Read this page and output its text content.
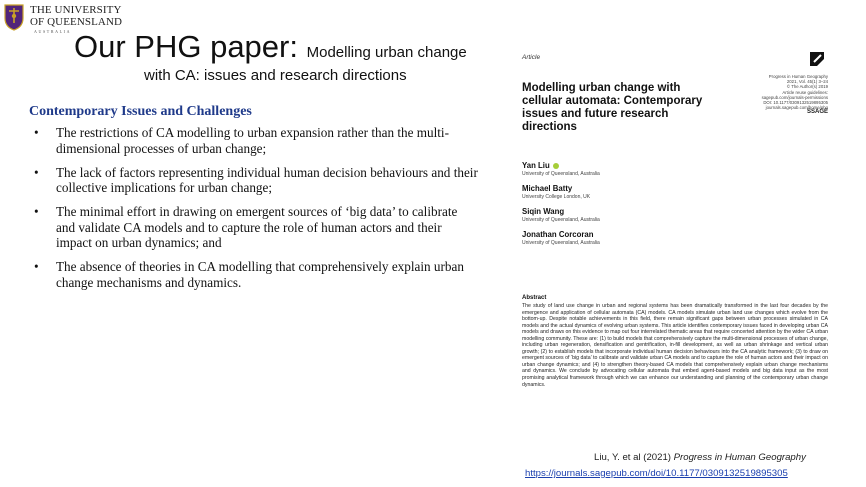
THE UNIVERSITY
OF QUEENSLAND
AUSTRALIA Our PHG paper: Modelling urban change
with CA: issues and research directions
Contemporary Issues and Challenges
• The restrictions of CA modelling to urban expansion rather than the multi-dimensional processes of urban change;
• The lack of factors representing individual human decision behaviours and their collective implications for urban change;
• The minimal effort in drawing on emergent sources of ‘big data’ to calibrate and validate CA models and to capture the role of human actors and their impact on urban dynamics; and
• The absence of theories in CA modelling that comprehensively explain urban change mechanisms and dynamics.
Article
Progress in Human Geography
2021, Vol. 45(1) 3–24
© The Author(s) 2019
Article reuse guidelines:
sagepub.com/journals-permissions
DOI: 10.1177/0309132519895305
journals.sagepub.com/home/phg
SSAGE
Modelling urban change with cellular automata: Contemporary issues and future research directions
Yan Liu
University of Queensland, Australia
Michael Batty
University College London, UK
Siqin Wang
University of Queensland, Australia
Jonathan Corcoran
University of Queensland, Australia
Abstract
The study of land use change in urban and regional systems has been dramatically transformed in the last four decades by the emergence and application of cellular automata (CA) models. CA models simulate urban land use changes which evolve from the bottom-up. Despite notable achievements in this field, there remain significant gaps between urban processes simulated in CA models and the actual dynamics of evolving urban systems. This article identifies contemporary issues faced in developing urban CA models and draws on this evidence to map out four interrelated thematic areas that require concerted attention by the wider CA urban modelling community. These are: (1) to build models that comprehensively capture the multi-dimensional processes of urban change, including urban regeneration, densification and gentrification, in-fill development, as well as urban shrinkage and vertical urban growth; (2) to establish models that incorporate individual human decision behaviours into the CA analytic framework; (3) to draw on emergent sources of ‘big data’ to calibrate and validate urban CA models and to capture the role of human actors and their impact on urban change dynamics; and (4) to strengthen theory-based CA models that comprehensively explain urban change mechanisms and dynamics. We conclude by advocating cellular automata that embed agent-based models and big data input as the most promising analytical framework through which we can enhance our understanding and planning of the contemporary urban change dynamics.
Liu, Y. et al (2021) Progress in Human Geography
https://journals.sagepub.com/doi/10.1177/0309132519895305
